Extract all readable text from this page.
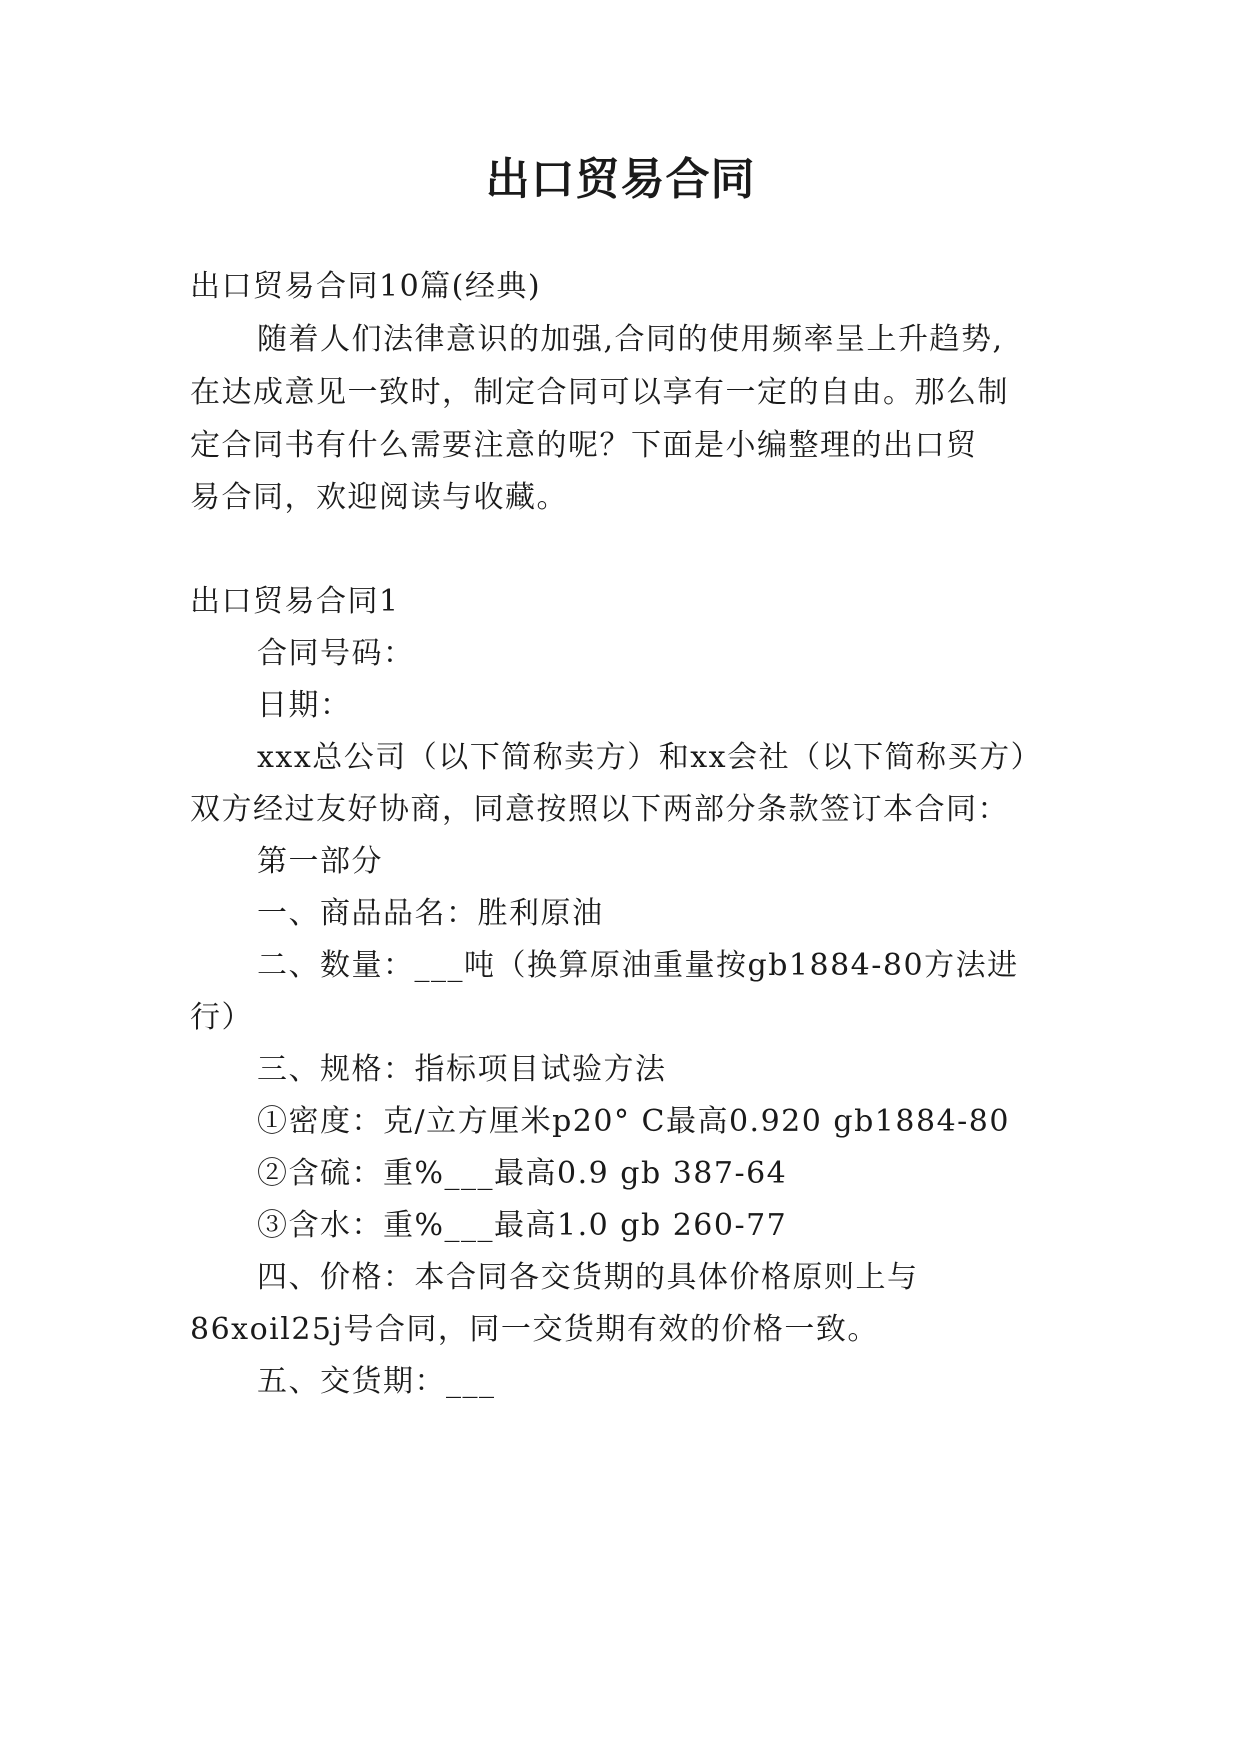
出口贸易合同
出口贸易合同10篇(经典)
随着人们法律意识的加强,合同的使用频率呈上升趋势,
在达成意见一致时，制定合同可以享有一定的自由。那么制
定合同书有什么需要注意的呢？下面是小编整理的出口贸
易合同，欢迎阅读与收藏。
出口贸易合同1
合同号码：
日期：
xxx总公司（以下简称卖方）和xx会社（以下简称买方）
双方经过友好协商，同意按照以下两部分条款签订本合同：
第一部分
一、商品品名：胜利原油
二、数量：___吨（换算原油重量按gb1884-80方法进
行）
三、规格：指标项目试验方法
①密度：克/立方厘米p20° C最高0.920 gb1884-80
②含硫：重%___最高0.9 gb 387-64
③含水：重%___最高1.0 gb 260-77
四、价格：本合同各交货期的具体价格原则上与
86xoil25j号合同，同一交货期有效的价格一致。
五、交货期：___
